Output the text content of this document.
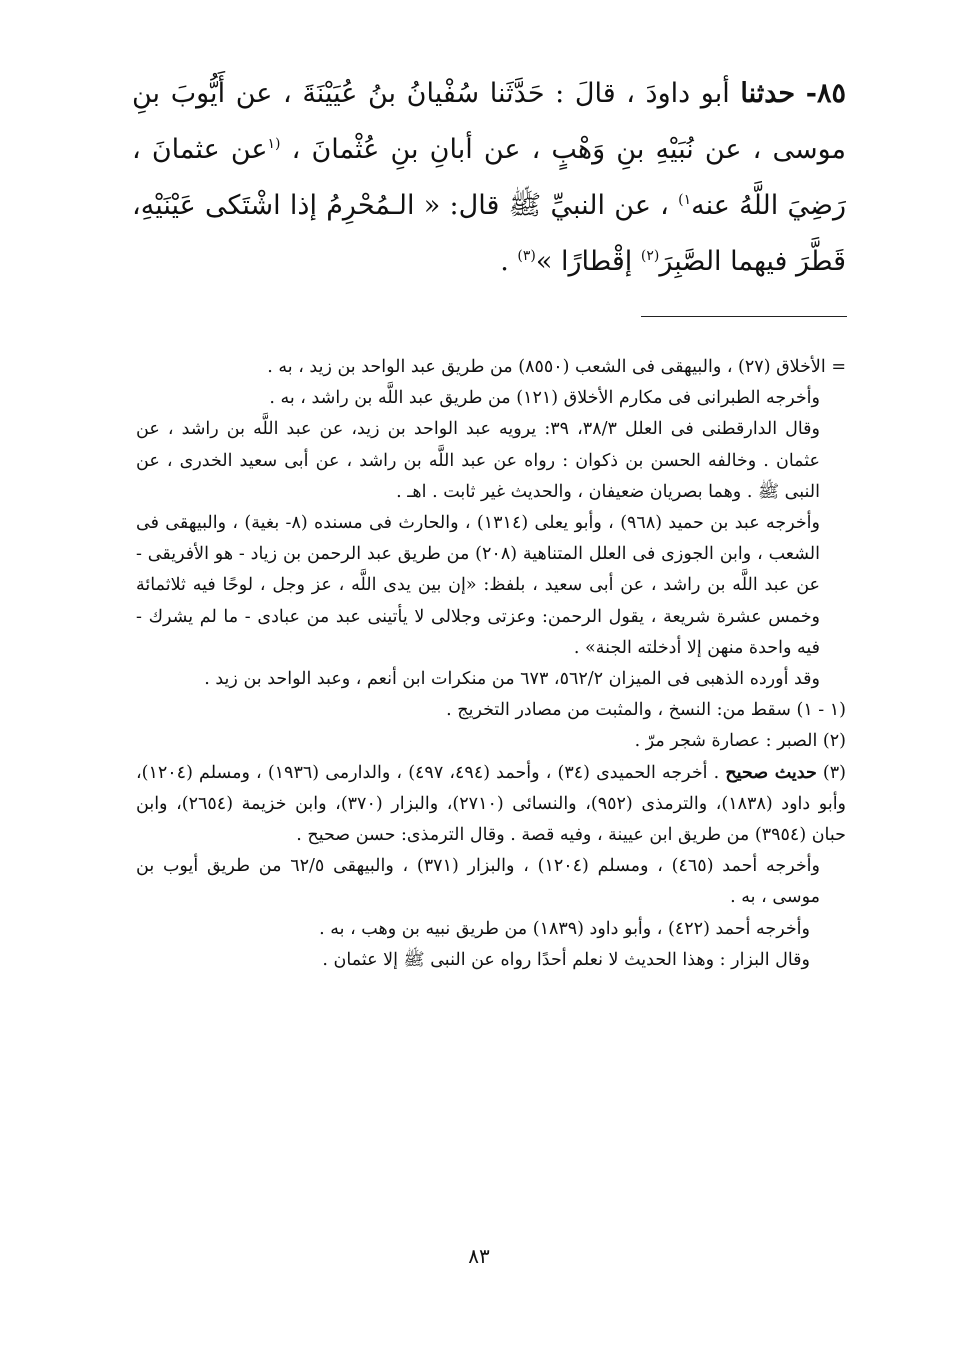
٨٥- حدثنا أبو داودَ ، قالَ : حَدَّثَنا سُفْيانُ بنُ عُيَيْنَةَ ، عن أَيُّوبَ بنِ موسى ، عن نُبَيْهِ بنِ وَهْبٍ ، عن أبانِ بنِ عُثْمانَ ، $^{(١}$عن عثمانَ ، رَضِيَ اللَّهُ عنه$^{١)}$ ، عن النبيِّ ﷺ قال: « الـمُحْرِمُ إذا اشْتَكى عَيْنَيْهِ، قَطَّرَ فيهما الصَّبِرَ$^{(٢)}$ إقْطارًا »$^{(٣)}$ .

= الأخلاق (٢٧) ، والبيهقى فى الشعب (٨٥٥٠) من طريق عبد الواحد بن زيد ، به .

وأخرجه الطبرانى فى مكارم الأخلاق (١٢١) من طريق عبد اللَّه بن راشد ، به .

وقال الدارقطنى فى العلل ٣٨/٣، ٣٩: يرويه عبد الواحد بن زيد، عن عبد اللَّه بن راشد ، عن عثمان . وخالفه الحسن بن ذكوان : رواه عن عبد اللَّه بن راشد ، عن أبى سعيد الخدرى ، عن النبى ﷺ . وهما بصريان ضعيفان ، والحديث غير ثابت . اهـ .

وأخرجه عبد بن حميد (٩٦٨) ، وأبو يعلى (١٣١٤) ، والحارث فى مسنده (٨- بغية) ، والبيهقى فى الشعب ، وابن الجوزى فى العلل المتناهية (٢٠٨) من طريق عبد الرحمن بن زياد - هو الأفريقى - عن عبد اللَّه بن راشد ، عن أبى سعيد ، بلفظ: «إن بين يدى اللَّه ، عز وجل ، لوحًا فيه ثلاثمائة وخمس عشرة شريعة ، يقول الرحمن: وعزتى وجلالى لا يأتينى عبد من عبادى - ما لم يشرك - فيه واحدة منهن إلا أدخلته الجنة» .

وقد أورده الذهبى فى الميزان ٥٦٢/٢، ٦٧٣ من منكرات ابن أنعم ، وعبد الواحد بن زيد .

(١ - ١) سقط من: النسخ ، والمثبت من مصادر التخريج .

(٢) الصبر : عصارة شجر مرّ .

(٣) حديث صحيح . أخرجه الحميدى (٣٤) ، وأحمد (٤٩٤، ٤٩٧) ، والدارمى (١٩٣٦) ، ومسلم (١٢٠٤)، وأبو داود (١٨٣٨)، والترمذى (٩٥٢)، والنسائى (٢٧١٠)، والبزار (٣٧٠)، وابن خزيمة (٢٦٥٤)، وابن حبان (٣٩٥٤) من طريق ابن عيينة ، وفيه قصة . وقال الترمذى: حسن صحيح .

وأخرجه أحمد (٤٦٥) ، ومسلم (١٢٠٤) ، والبزار (٣٧١) ، والبيهقى ٦٢/٥ من طريق أيوب بن موسى ، به .

وأخرجه أحمد (٤٢٢) ، وأبو داود (١٨٣٩) من طريق نبيه بن وهب ، به .

وقال البزار : وهذا الحديث لا نعلم أحدًا رواه عن النبى ﷺ إلا عثمان .

٨٣
